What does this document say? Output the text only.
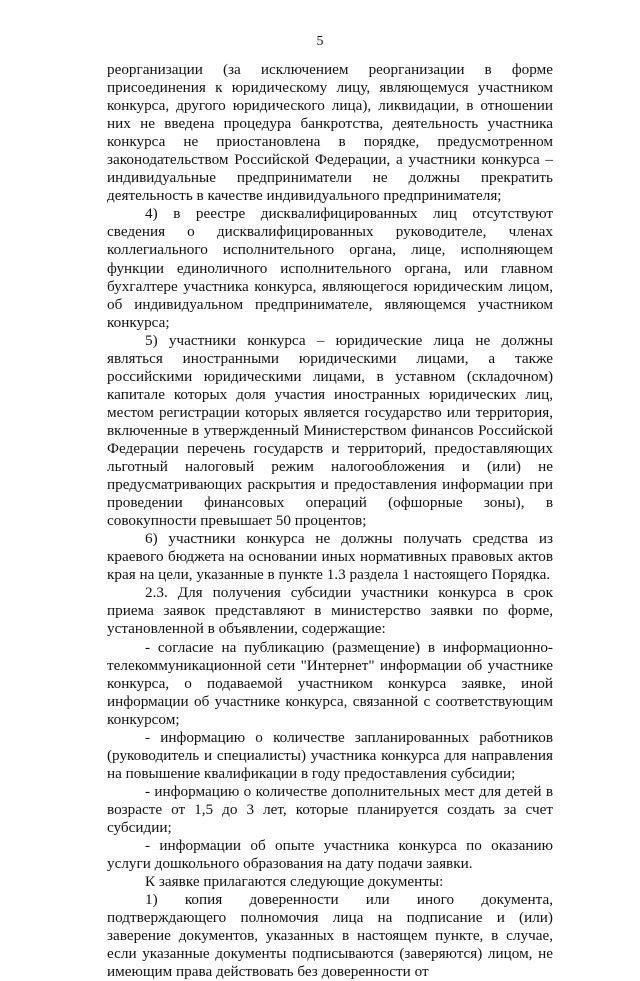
5

реорганизации (за исключением реорганизации в форме присоединения к юридическому лицу, являющемуся участником конкурса, другого юридического лица), ликвидации, в отношении них не введена процедура банкротства, деятельность участника конкурса не приостановлена в порядке, предусмотренном законодательством Российской Федерации, а участники конкурса – индивидуальные предприниматели не должны прекратить деятельность в качестве индивидуального предпринимателя;

4) в реестре дисквалифицированных лиц отсутствуют сведения о дисквалифицированных руководителе, членах коллегиального исполнительного органа, лице, исполняющем функции единоличного исполнительного органа, или главном бухгалтере участника конкурса, являющегося юридическим лицом, об индивидуальном предпринимателе, являющемся участником конкурса;

5) участники конкурса – юридические лица не должны являться иностранными юридическими лицами, а также российскими юридическими лицами, в уставном (складочном) капитале которых доля участия иностранных юридических лиц, местом регистрации которых является государство или территория, включенные в утвержденный Министерством финансов Российской Федерации перечень государств и территорий, предоставляющих льготный налоговый режим налогообложения и (или) не предусматривающих раскрытия и предоставления информации при проведении финансовых операций (офшорные зоны), в совокупности превышает 50 процентов;

6) участники конкурса не должны получать средства из краевого бюджета на основании иных нормативных правовых актов края на цели, указанные в пункте 1.3 раздела 1 настоящего Порядка.

2.3. Для получения субсидии участники конкурса в срок приема заявок представляют в министерство заявки по форме, установленной в объявлении, содержащие:

- согласие на публикацию (размещение) в информационно-телекоммуникационной сети "Интернет" информации об участнике конкурса, о подаваемой участником конкурса заявке, иной информации об участнике конкурса, связанной с соответствующим конкурсом;

- информацию о количестве запланированных работников (руководитель и специалисты) участника конкурса для направления на повышение квалификации в году предоставления субсидии;

- информацию о количестве дополнительных мест для детей в возрасте от 1,5 до 3 лет, которые планируется создать за счет субсидии;

- информации об опыте участника конкурса по оказанию услуги дошкольного образования на дату подачи заявки.

К заявке прилагаются следующие документы:

1) копия доверенности или иного документа, подтверждающего полномочия лица на подписание и (или) заверение документов, указанных в настоящем пункте, в случае, если указанные документы подписываются (заверяются) лицом, не имеющим права действовать без доверенности от
